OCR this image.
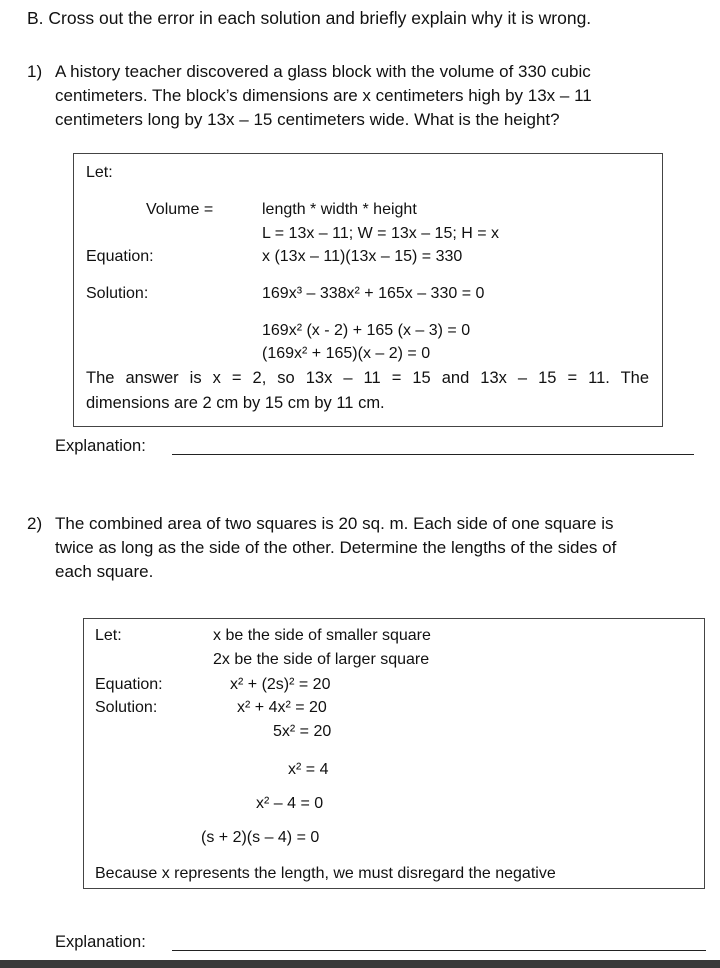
B. Cross out the error in each solution and briefly explain why it is wrong.
1) A history teacher discovered a glass block with the volume of 330 cubic
centimeters. The block’s dimensions are x centimeters high by 13x – 11
centimeters long by 13x – 15 centimeters wide. What is the height?
Let:
Volume =	length * width * height
L = 13x – 11; W = 13x – 15; H = x
Equation:	x (13x – 11)(13x – 15) = 330
Solution:	169x³ – 338x² + 165x – 330 = 0
169x² (x - 2) + 165 (x – 3) = 0
(169x² + 165)(x – 2) = 0
The answer is x = 2, so 13x – 11 = 15 and 13x – 15 = 11. The
dimensions are 2 cm by 15 cm by 11 cm.
Explanation:
2) The combined area of two squares is 20 sq. m. Each side of one square is
twice as long as the side of the other. Determine the lengths of the sides of
each square.
Let:	x be the side of smaller square
2x be the side of larger square
Equation:	x² + (2s)² = 20
Solution:	x² + 4x² = 20
5x² = 20
x² = 4
x² – 4 = 0
(s + 2)(s – 4) = 0
Because x represents the length, we must disregard the negative
Explanation:
